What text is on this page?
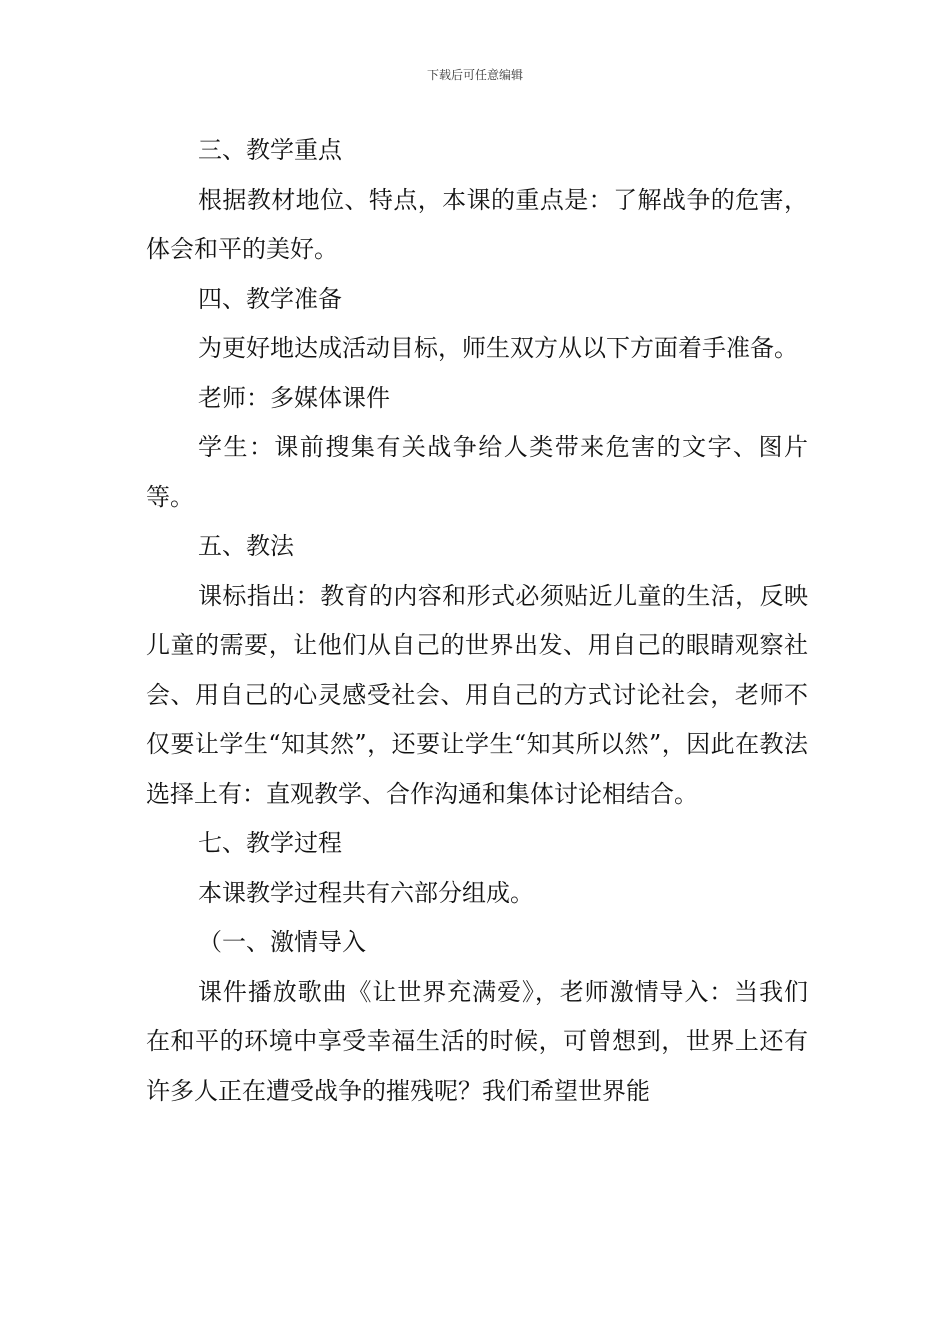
下载后可任意编辑

三、教学重点

根据教材地位、特点，本课的重点是：了解战争的危害，体会和平的美好。

四、教学准备

为更好地达成活动目标，师生双方从以下方面着手准备。

老师：多媒体课件

学生：课前搜集有关战争给人类带来危害的文字、图片等。

五、教法

课标指出：教育的内容和形式必须贴近儿童的生活，反映儿童的需要，让他们从自己的世界出发、用自己的眼睛观察社会、用自己的心灵感受社会、用自己的方式讨论社会，老师不仅要让学生“知其然”，还要让学生“知其所以然”，因此在教法选择上有：直观教学、合作沟通和集体讨论相结合。

七、教学过程

本课教学过程共有六部分组成。

（一、激情导入

课件播放歌曲《让世界充满爱》，老师激情导入：当我们在和平的环境中享受幸福生活的时候，可曾想到，世界上还有许多人正在遭受战争的摧残呢？我们希望世界能
